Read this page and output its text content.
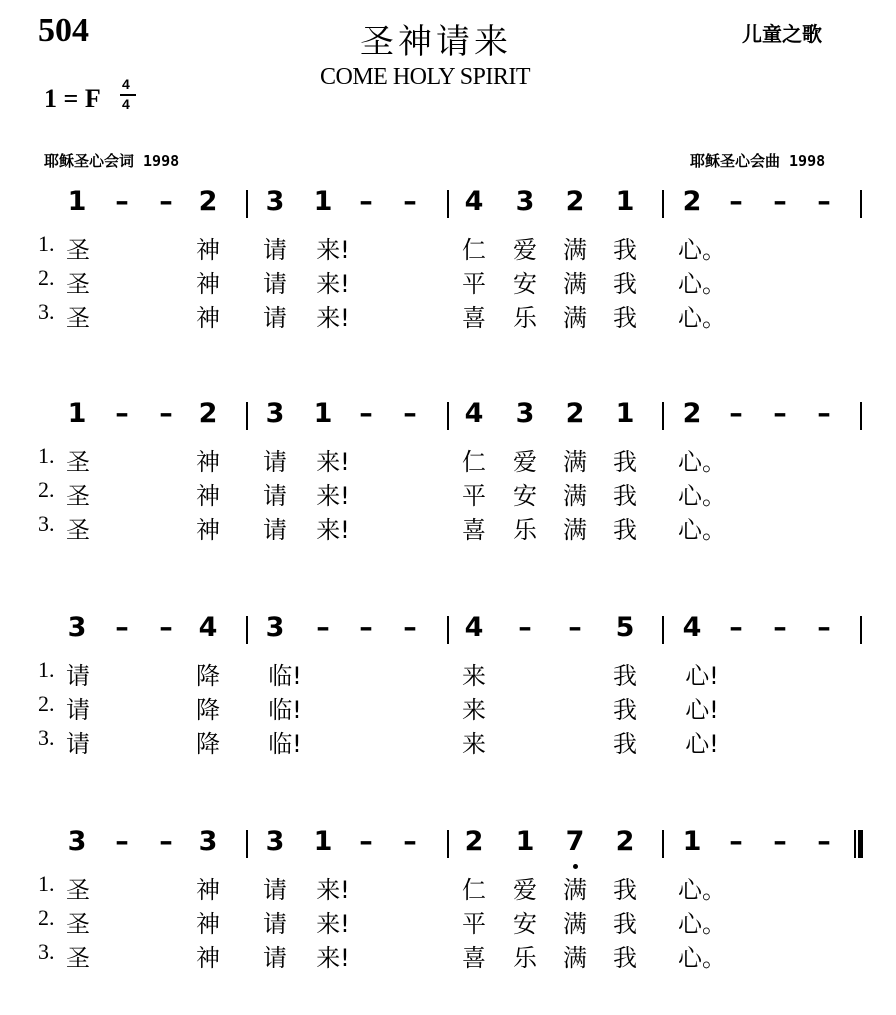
504	圣神请来
COME HOLY SPIRIT
儿童之歌
1 = F 4
4
耶稣圣心会词 1998	耶稣圣心会曲 1998
1 – – 2 3 1 – – 4 3 2 1 2 – – –
1. 圣	神 请 来!	仁 爱 满 我 心。
2. 圣	神 请 来!	平 安 满 我 心。
3. 圣	神 请 来!	喜 乐 满 我 心。
1 – – 2 3 1 – – 4 3 2 1 2 – – –
1. 圣	神 请 来!	仁 爱 满 我 心。
2. 圣	神 请 来!	平 安 满 我 心。
3. 圣	神 请 来!	喜 乐 满 我 心。
3 – – 4 3 – – – 4 – – 5 4 – – –
1. 请	降 临!	来	我 心!
2. 请	降 临!	来	我 心!
3. 请	降 临!	来	我 心!
3 – – 3 3 1 – – 2 1 7 2 1 – – –
1. 圣	神 请 来!	仁 爱 满 我 心。
2. 圣	神 请 来!	平 安 满 我 心。
3. 圣	神 请 来!	喜 乐 满 我 心。
